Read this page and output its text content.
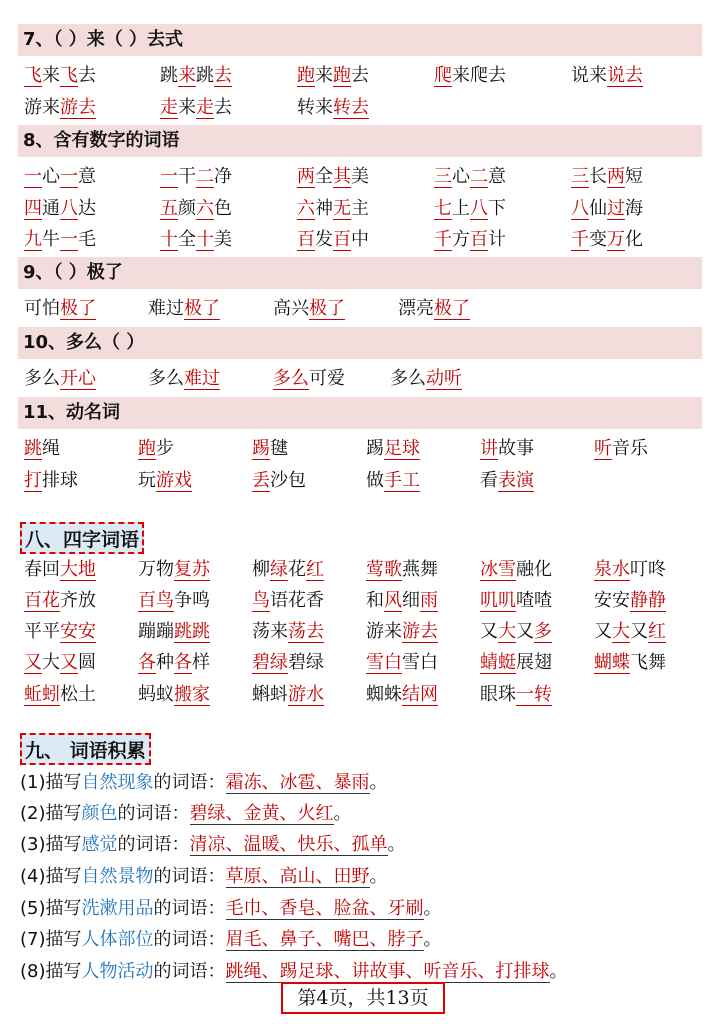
7、（ ）来（ ）去式
飞来飞去	跳来跳去	跑来跑去	爬来爬去	说来说去
游来游去	走来走去	转来转去
8、含有数字的词语
一心一意	一干二净	两全其美	三心二意	三长两短
四通八达	五颜六色	六神无主	七上八下	八仙过海
九牛一毛	十全十美	百发百中	千方百计	千变万化
9、（ ）极了
可怕极了	难过极了	高兴极了	漂亮极了
10、多么（ ）
多么开心	多么难过	多么可爱	多么动听
11、动名词
跳绳	跑步	踢毽	踢足球	讲故事	听音乐
打排球	玩游戏	丢沙包	做手工	看表演
八、四字词语
春回大地 万物复苏 柳绿花红 莺歌燕舞 冰雪融化 泉水叮咚
百花齐放 百鸟争鸣 鸟语花香 和风细雨 叽叽喳喳 安安静静
平平安安 蹦蹦跳跳 荡来荡去 游来游去 又大又多 又大又红
又大又圆 各种各样 碧绿碧绿 雪白雪白 蜻蜓展翅 蝴蝶飞舞
蚯蚓松土 蚂蚁搬家 蝌蚪游水 蜘蛛结网 眼珠一转
九、 词语积累
(1)描写自然现象的词语：霜冻、冰雹、暴雨。
(2)描写颜色的词语：碧绿、金黄、火红。
(3)描写感觉的词语：清凉、温暖、快乐、孤单。
(4)描写自然景物的词语：草原、高山、田野。
(5)描写洗漱用品的词语：毛巾、香皂、脸盆、牙刷。
(7)描写人体部位的词语：眉毛、鼻子、嘴巴、脖子。
(8)描写人物活动的词语：跳绳、踢足球、讲故事、听音乐、打排球。
第4页，共13页
